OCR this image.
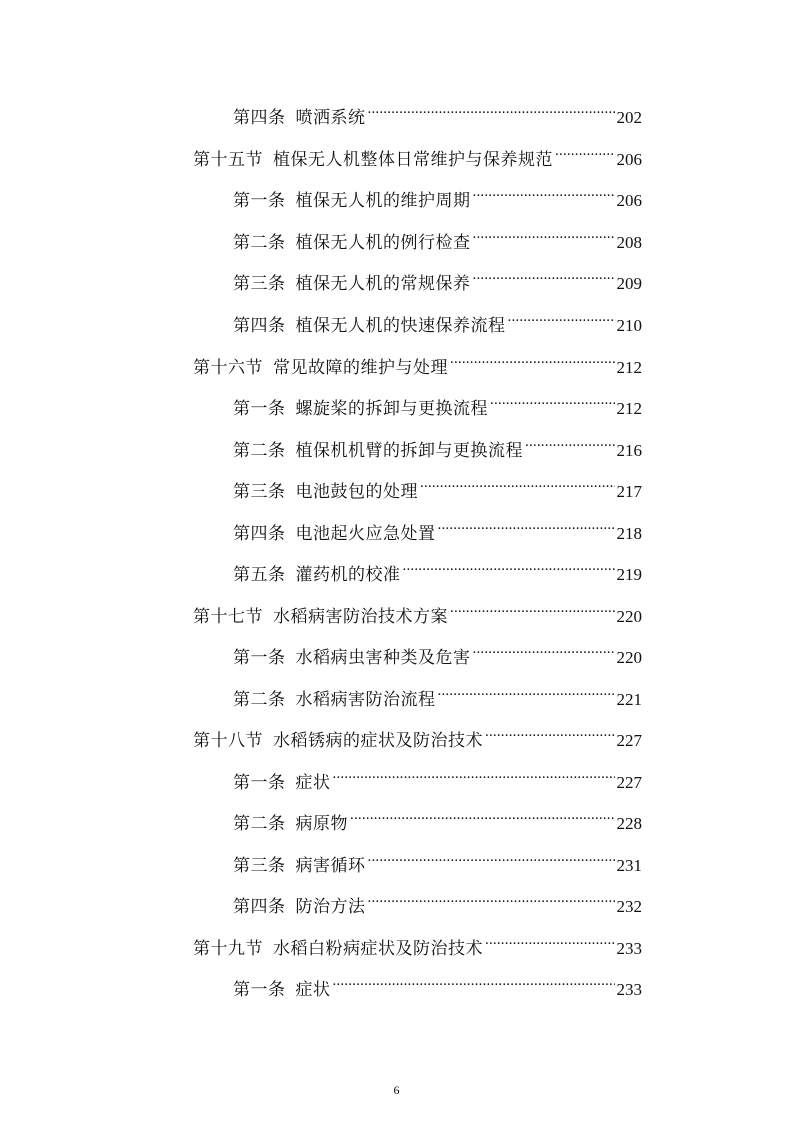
第四条 喷洒系统 .....	202
第十五节 植保无人机整体日常维护与保养规范 .....	206
第一条 植保无人机的维护周期 .....	206
第二条 植保无人机的例行检查 .....	208
第三条 植保无人机的常规保养 .....	209
第四条 植保无人机的快速保养流程 .....	210
第十六节 常见故障的维护与处理 .....	212
第一条 螺旋桨的拆卸与更换流程 .....	212
第二条 植保机机臂的拆卸与更换流程 .....	216
第三条 电池鼓包的处理 .....	217
第四条 电池起火应急处置 .....	218
第五条 灌药机的校准 .....	219
第十七节 水稻病害防治技术方案 .....	220
第一条 水稻病虫害种类及危害 .....	220
第二条 水稻病害防治流程 .....	221
第十八节 水稻锈病的症状及防治技术 .....	227
第一条 症状 .....	227
第二条 病原物 .....	228
第三条 病害循环 .....	231
第四条 防治方法 .....	232
第十九节 水稻白粉病症状及防治技术 .....	233
第一条 症状 .....	233
6
